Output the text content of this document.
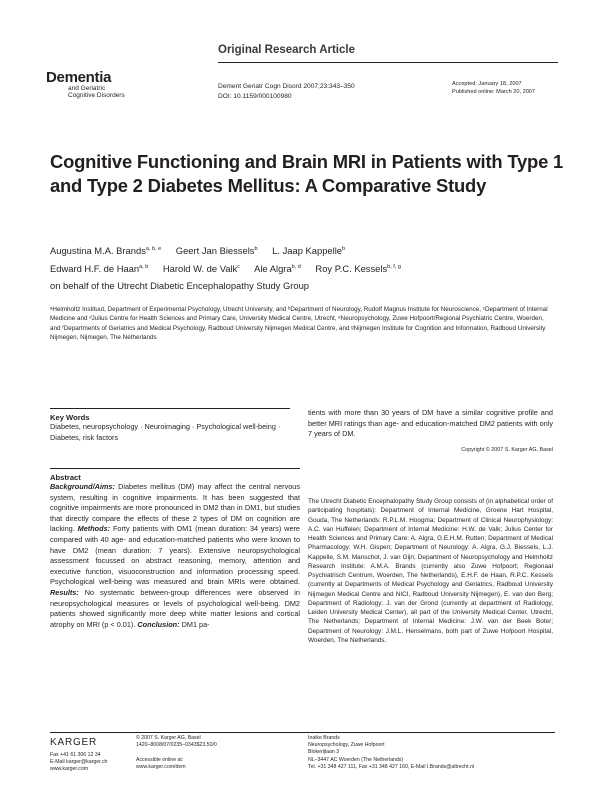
Original Research Article
Dementia
and Geriatric
Cognitive Disorders
Dement Geriatr Cogn Disord 2007;23:343–350
DOI: 10.1159/000100980
Accepted: January 18, 2007
Published online: March 20, 2007
Cognitive Functioning and Brain MRI in Patients with Type 1 and Type 2 Diabetes Mellitus: A Comparative Study
Augustina M.A. Brands$^{a, b, e}$ Geert Jan Biessels$^b$ L. Jaap Kappelle$^b$
Edward H.F. de Haan$^{a, b}$ Harold W. de Valk$^c$ Ale Algra$^{b, d}$ Roy P.C. Kessels$^{b, f, g}$
on behalf of the Utrecht Diabetic Encephalopathy Study Group
ᵃHelmholtz Instituut, Department of Experimental Psychology, Utrecht University, and ᵇDepartment of Neurology, Rudolf Magnus Institute for Neuroscience, ᶜDepartment of Internal Medicine and ᵈJulius Centre for Health Sciences and Primary Care, University Medical Centre, Utrecht, ᵉNeuropsychology, Zuwe Hofpoort/Regional Psychiatric Centre, Woerden, and ᶠDepartments of Geriatrics and Medical Psychology, Radboud University Nijmegen Medical Centre, and ᵍNijmegen Institute for Cognition and Information, Radboud University Nijmegen, Nijmegen, The Netherlands
Key Words
Diabetes, neuropsychology · Neuroimaging · Psychological well-being · Diabetes, risk factors
Abstract
Background/Aims: Diabetes mellitus (DM) may affect the central nervous system, resulting in cognitive impairments. It has been suggested that cognitive impairments are more pronounced in DM2 than in DM1, but studies that directly compare the effects of these 2 types of DM on cognition are lacking. Methods: Forty patients with DM1 (mean duration: 34 years) were compared with 40 age- and education-matched patients who were known to have DM2 (mean duration: 7 years). Extensive neuropsychological assessment focussed on abstract reasoning, memory, attention and executive function, visuoconstruction and information processing speed. Psychological well-being was measured and brain MRIs were obtained. Results: No systematic between-group differences were observed in neuropsychological measures or levels of psychological well-being. DM2 patients showed significantly more deep white matter lesions and cortical atrophy on MRI (p < 0.01). Conclusion: DM1 pa-
tients with more than 30 years of DM have a similar cognitive profile and better MRI ratings than age- and education-matched DM2 patients with only 7 years of DM.
Copyright © 2007 S. Karger AG, Basel
The Utrecht Diabetic Encephalopathy Study Group consists of (in alphabetical order of participating hospitals): Department of Internal Medicine, Groene Hart Hospital, Gouda, The Netherlands: R.P.L.M. Hoogma; Department of Clinical Neurophysiology: A.C. van Huffelen; Department of Internal Medicine: H.W. de Valk; Julius Center for Health Sciences and Primary Care: A. Algra, G.E.H.M. Rutten; Department of Medical Pharmacology: W.H. Gispen; Department of Neurology: A. Algra, G.J. Biessels, L.J. Kappelle, S.M. Manschot, J. van Gijn; Department of Neuropsychology and Helmholtz Research Institute: A.M.A. Brands (currently also Zuwe Hofpoort; Regionaal Psychiatrisch Centrum, Woerden, The Netherlands), E.H.F. de Haan, R.P.C. Kessels (currently at Departments of Medical Psychology and Geriatrics, Radboud University Nijmegen Medical Centre and NICI, Radboud University Nijmegen), E. van den Berg; Department of Radiology: J. van der Grond (currently at department of Radiology, Leiden University Medical Center), all part of the University Medical Center, Utrecht, The Netherlands; Department of Internal Medicine: J.W. van der Beek Boter; Department of Neurology: J.M.L. Henselmans, both part of Zuwe Hofpoort Hospital, Woerden, The Netherlands.
KARGER
Fax +41 61 306 12 34
E-Mail karger@karger.ch
www.karger.com
© 2007 S. Karger AG, Basel
1420–8008/07/0235–0343$23.50/0

Accessible online at:
www.karger.com/dem
Inaike Brands
Neuropsychology, Zuwe Hofpoort
Blokerijlaan 3
NL–3447 AC Woerden (The Netherlands)
Tel. +31 348 427 111, Fax +31 348 427 160, E-Mail I.Brands@altrecht.nl
